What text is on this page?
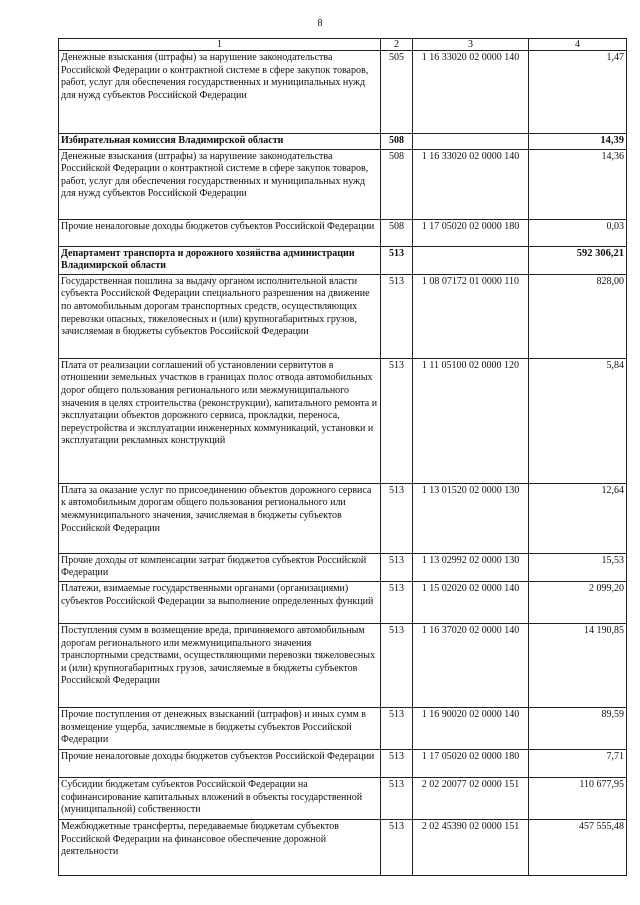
8
1	2	3	4
Денежные взыскания (штрафы) за нарушение законодательства Российской Федерации о контрактной системе в сфере закупок товаров, работ, услуг для обеспечения государственных и муниципальных нужд для нужд субъектов Российской Федерации	505	1 16 33020 02 0000 140	1,47
Избирательная комиссия Владимирской области	508		14,39
Денежные взыскания (штрафы) за нарушение законодательства Российской Федерации о контрактной системе в сфере закупок товаров, работ, услуг для обеспечения государственных и муниципальных нужд для нужд субъектов Российской Федерации	508	1 16 33020 02 0000 140	14,36
Прочие неналоговые доходы бюджетов субъектов Российской Федерации	508	1 17 05020 02 0000 180	0,03
Департамент транспорта и дорожного хозяйства администрации Владимирской области	513		592 306,21
Государственная пошлина за выдачу органом исполнительной власти субъекта Российской Федерации специального разрешения на движение по автомобильным дорогам транспортных средств, осуществляющих перевозки опасных, тяжеловесных и (или) крупногабаритных грузов, зачисляемая в бюджеты субъектов Российской Федерации	513	1 08 07172 01 0000 110	828,00
Плата от реализации соглашений об установлении сервитутов в отношении земельных участков в границах полос отвода автомобильных дорог общего пользования регионального или межмуниципального значения в целях строительства (реконструкции), капитального ремонта и эксплуатации объектов дорожного сервиса, прокладки, переноса, переустройства и эксплуатации инженерных коммуникаций, установки и эксплуатации рекламных конструкций	513	1 11 05100 02 0000 120	5,84
Плата за оказание услуг по присоединению объектов дорожного сервиса к автомобильным дорогам общего пользования регионального или межмуниципального значения, зачисляемая в бюджеты субъектов Российской Федерации	513	1 13 01520 02 0000 130	12,64
Прочие доходы от компенсации затрат бюджетов субъектов Российской Федерации	513	1 13 02992 02 0000 130	15,53
Платежи, взимаемые государственными органами (организациями) субъектов Российской Федерации за выполнение определенных функций	513	1 15 02020 02 0000 140	2 099,20
Поступления сумм в возмещение вреда, причиняемого автомобильным дорогам регионального или межмуниципального значения транспортными средствами, осуществляющими перевозки тяжеловесных и (или) крупногабаритных грузов, зачисляемые в бюджеты субъектов Российской Федерации	513	1 16 37020 02 0000 140	14 190,85
Прочие поступления от денежных взысканий (штрафов) и иных сумм в возмещение ущерба, зачисляемые в бюджеты субъектов Российской Федерации	513	1 16 90020 02 0000 140	89,59
Прочие неналоговые доходы бюджетов субъектов Российской Федерации	513	1 17 05020 02 0000 180	7,71
Субсидии бюджетам субъектов Российской Федерации на софинансирование капитальных вложений в объекты государственной (муниципальной) собственности	513	2 02 20077 02 0000 151	110 677,95
Межбюджетные трансферты, передаваемые бюджетам субъектов Российской Федерации на финансовое обеспечение дорожной деятельности	513	2 02 45390 02 0000 151	457 555,48
